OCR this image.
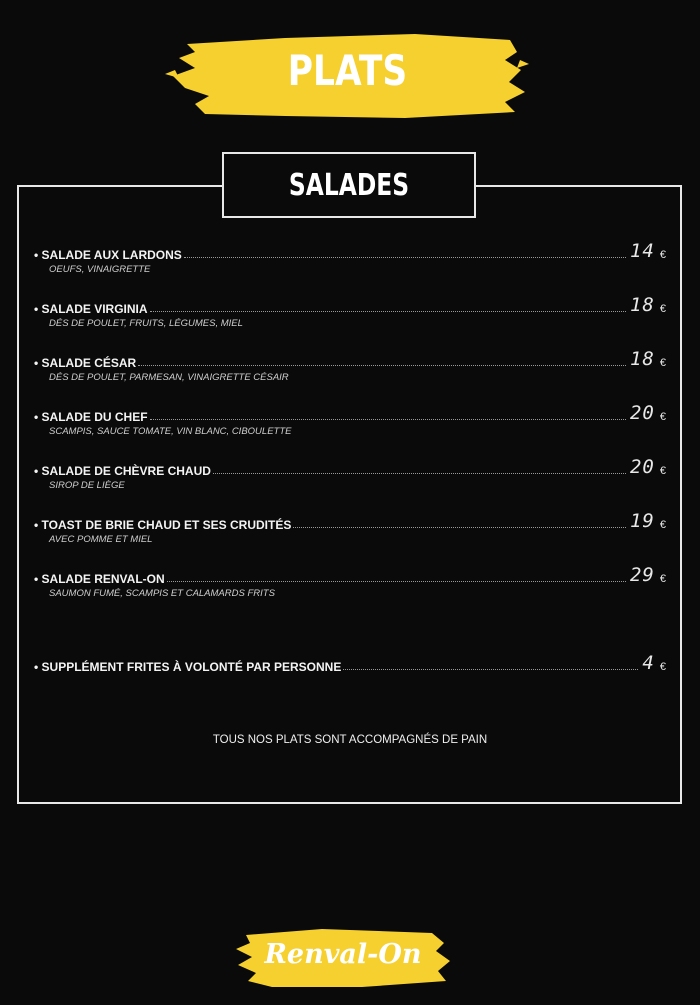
PLATS
SALADES
• SALADE AUX LARDONS	14 €
OEUFS, VINAIGRETTE
• SALADE VIRGINIA	18 €
DÉS DE POULET, FRUITS, LÉGUMES, MIEL
• SALADE CÉSAR	18 €
DÉS DE POULET, PARMESAN, VINAIGRETTE CÉSAIR
• SALADE DU CHEF	20 €
SCAMPIS, SAUCE TOMATE, VIN BLANC, CIBOULETTE
• SALADE DE CHÈVRE CHAUD	20 €
SIROP DE LIÈGE
• TOAST DE BRIE CHAUD ET SES CRUDITÉS	19 €
AVEC POMME ET MIEL
• SALADE RENVAL-ON	29 €
SAUMON FUMÉ, SCAMPIS ET CALAMARDS FRITS
• SUPPLÉMENT FRITES À VOLONTÉ PAR PERSONNE	4 €
TOUS NOS PLATS SONT ACCOMPAGNÉS DE PAIN
Renval-On
